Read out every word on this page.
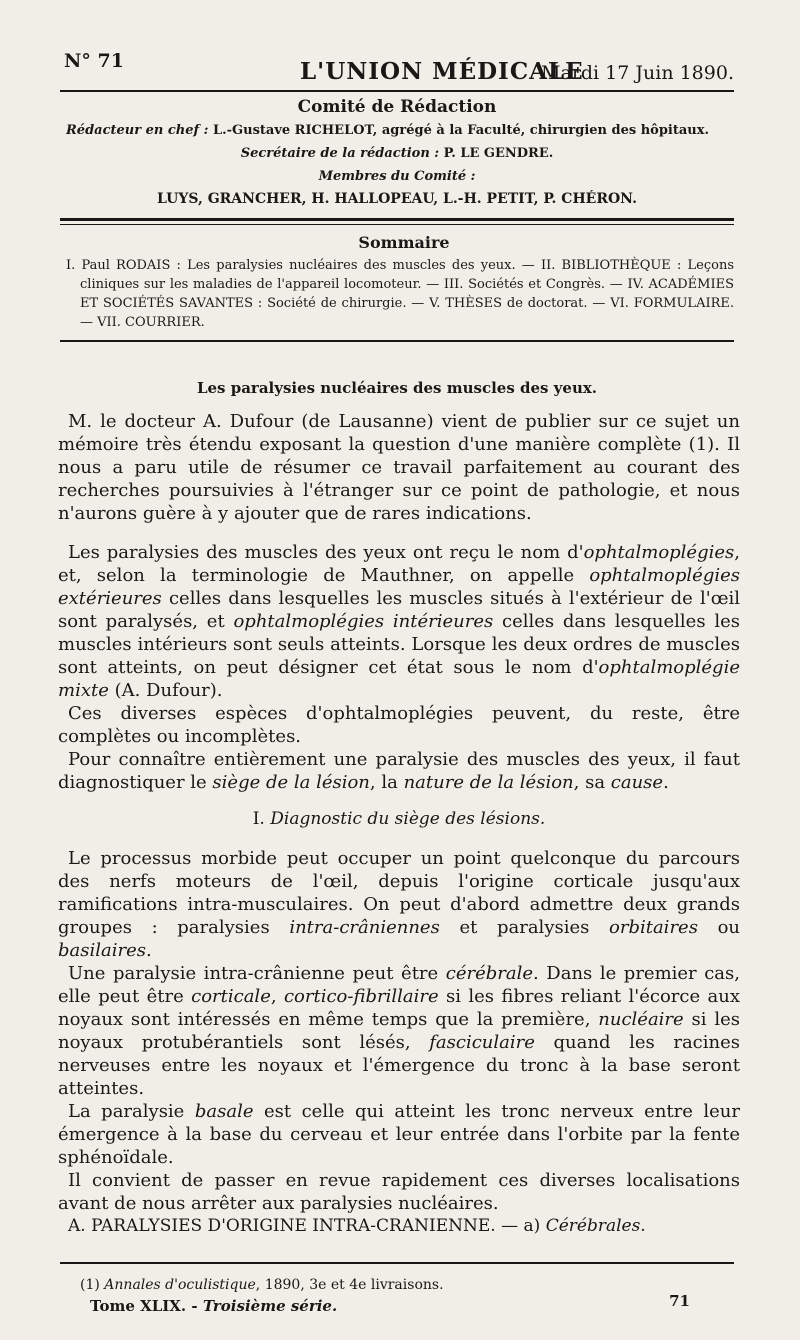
N° 71	L'UNION MÉDICALE
Mardi 17 Juin 1890.
Comité de Rédaction
Rédacteur en chef : L.-Gustave RICHELOT, agrégé à la Faculté, chirurgien des hôpitaux.
Secrétaire de la rédaction : P. LE GENDRE.
Membres du Comité :
LUYS, GRANCHER, H. HALLOPEAU, L.-H. PETIT, P. CHÉRON.
Sommaire
I. Paul RODAIS : Les paralysies nucléaires des muscles des yeux. — II. BIBLIOTHÈQUE : Leçons cliniques sur les maladies de l'appareil locomoteur. — III. Sociétés et Congrès. — IV. ACADÉMIES ET SOCIÉTÉS SAVANTES : Société de chirurgie. — V. THÈSES de doctorat. — VI. FORMULAIRE. — VII. COURRIER.
Les paralysies nucléaires des muscles des yeux.

M. le docteur A. Dufour (de Lausanne) vient de publier sur ce sujet un mémoire très étendu exposant la question d'une manière complète (1). Il nous a paru utile de résumer ce travail parfaitement au courant des recherches poursuivies à l'étranger sur ce point de pathologie, et nous n'aurons guère à y ajouter que de rares indications.

Les paralysies des muscles des yeux ont reçu le nom d'ophtalmoplégies, et, selon la terminologie de Mauthner, on appelle ophtalmoplégies extérieures celles dans lesquelles les muscles situés à l'extérieur de l'œil sont paralysés, et ophtalmoplégies intérieures celles dans lesquelles les muscles intérieurs sont seuls atteints. Lorsque les deux ordres de muscles sont atteints, on peut désigner cet état sous le nom d'ophtalmoplégie mixte (A. Dufour).

Ces diverses espèces d'ophtalmoplégies peuvent, du reste, être complètes ou incomplètes.

Pour connaître entièrement une paralysie des muscles des yeux, il faut diagnostiquer le siège de la lésion, la nature de la lésion, sa cause.

I. Diagnostic du siège des lésions.

Le processus morbide peut occuper un point quelconque du parcours des nerfs moteurs de l'œil, depuis l'origine corticale jusqu'aux ramifications intra-musculaires. On peut d'abord admettre deux grands groupes : paralysies intra-crâniennes et paralysies orbitaires ou basilaires.

Une paralysie intra-crânienne peut être cérébrale. Dans le premier cas, elle peut être corticale, cortico-fibrillaire si les fibres reliant l'écorce aux noyaux sont intéressés en même temps que la première, nucléaire si les noyaux protubérantiels sont lésés, fasciculaire quand les racines nerveuses entre les noyaux et l'émergence du tronc à la base seront atteintes.

La paralysie basale est celle qui atteint les tronc nerveux entre leur émergence à la base du cerveau et leur entrée dans l'orbite par la fente sphénoïdale.

Il convient de passer en revue rapidement ces diverses localisations avant de nous arrêter aux paralysies nucléaires.

A. PARALYSIES D'ORIGINE INTRA-CRANIENNE. — a) Cérébrales.

(1) Annales d'oculistique, 1890, 3e et 4e livraisons.
Tome XLIX. - Troisième série.	71
